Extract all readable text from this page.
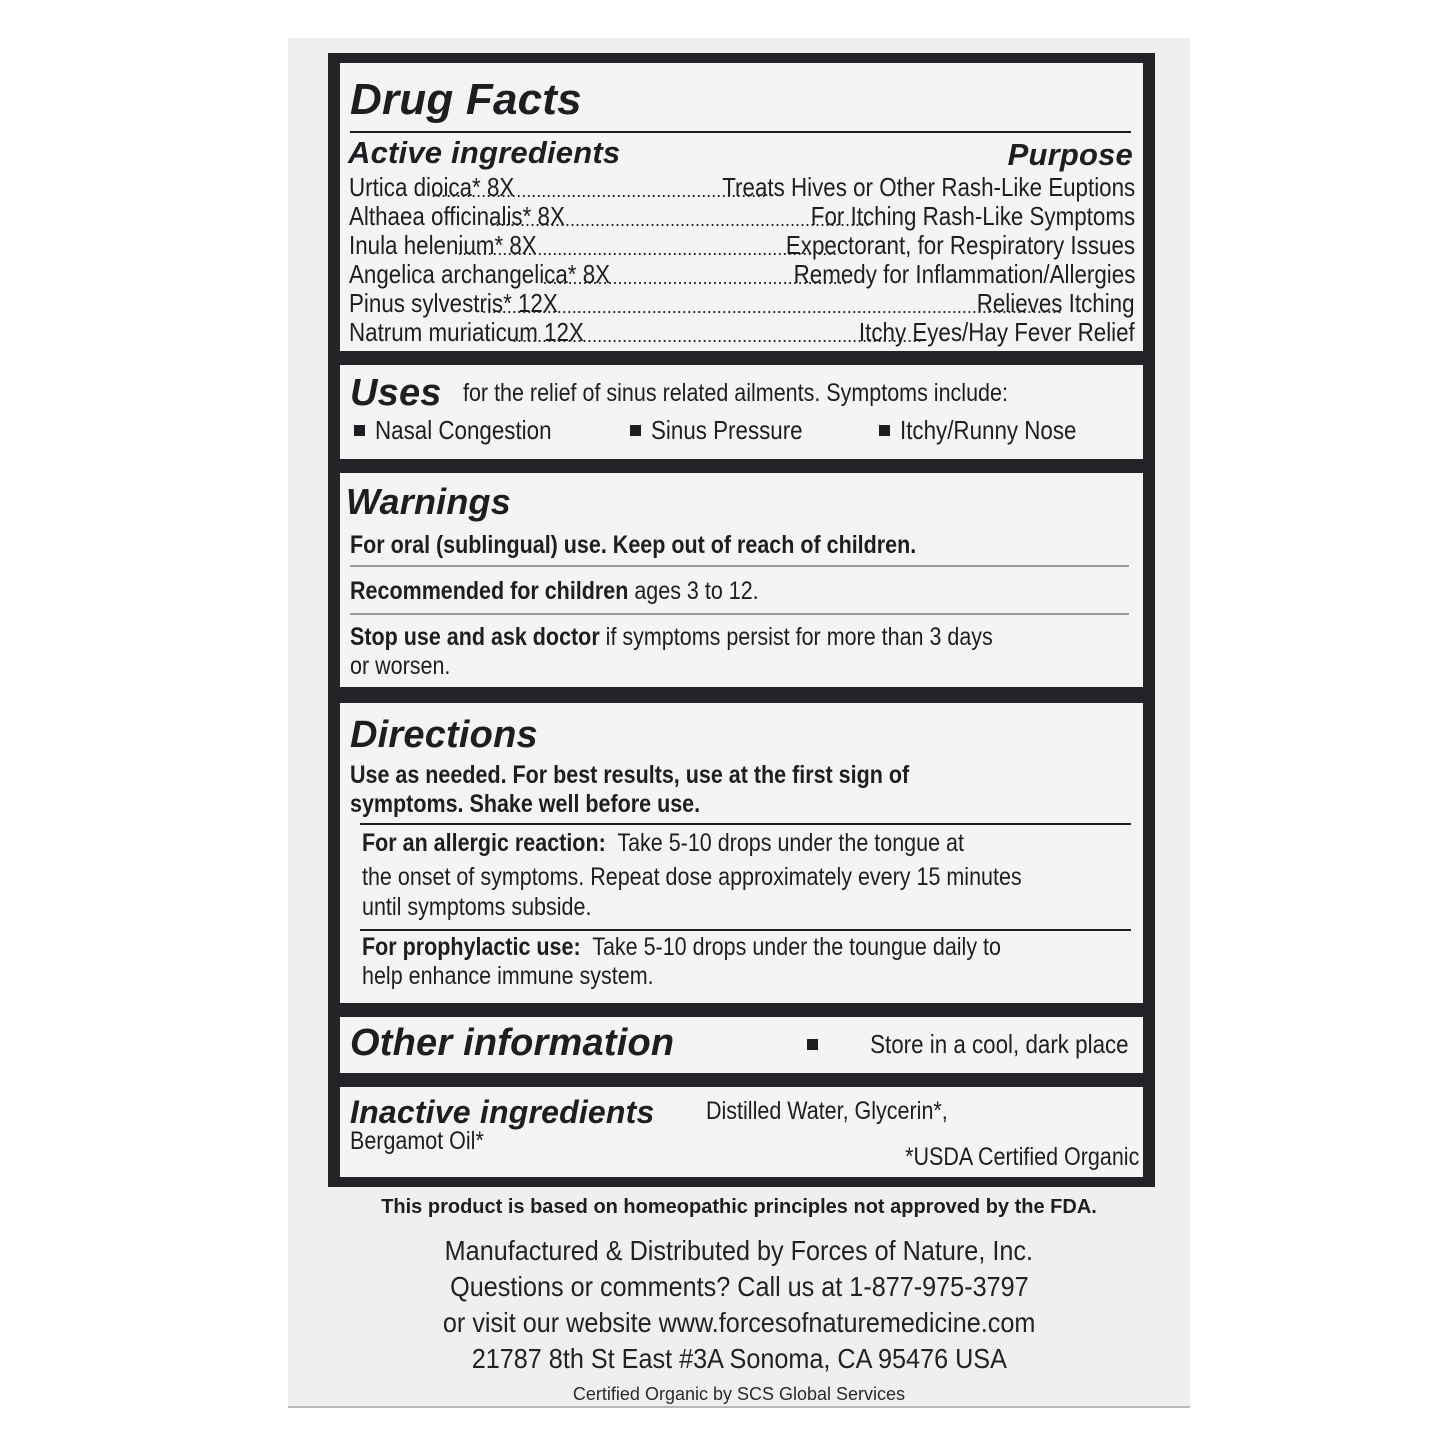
Drug Facts
Active ingredients	Purpose
Urtica dioica* 8X .....	Treats Hives or Other Rash-Like Euptions
Althaea officinalis* 8X .....	For Itching Rash-Like Symptoms
Inula helenium* 8X .....	Expectorant, for Respiratory Issues
Angelica archangelica* 8X .....	Remedy for Inflammation/Allergies
Pinus sylvestris* 12X .....	Relieves Itching
Natrum muriaticum 12X .....	Itchy Eyes/Hay Fever Relief
Uses for the relief of sinus related ailments. Symptoms include:
Nasal Congestion	Sinus Pressure	Itchy/Runny Nose
Warnings
For oral (sublingual) use. Keep out of reach of children.
Recommended for children ages 3 to 12.
Stop use and ask doctor if symptoms persist for more than 3 days
or worsen.
Directions
Use as needed. For best results, use at the first sign of
symptoms. Shake well before use.
For an allergic reaction: Take 5-10 drops under the tongue at
the onset of symptoms. Repeat dose approximately every 15 minutes
until symptoms subside.
For prophylactic use: Take 5-10 drops under the toungue daily to
help enhance immune system.
Other information	Store in a cool, dark place
Inactive ingredients Distilled Water, Glycerin*,
Bergamot Oil*
*USDA Certified Organic
This product is based on homeopathic principles not approved by the FDA.
Manufactured & Distributed by Forces of Nature, Inc.
Questions or comments? Call us at 1-877-975-3797
or visit our website www.forcesofnaturemedicine.com
21787 8th St East #3A Sonoma, CA 95476 USA
Certified Organic by SCS Global Services
